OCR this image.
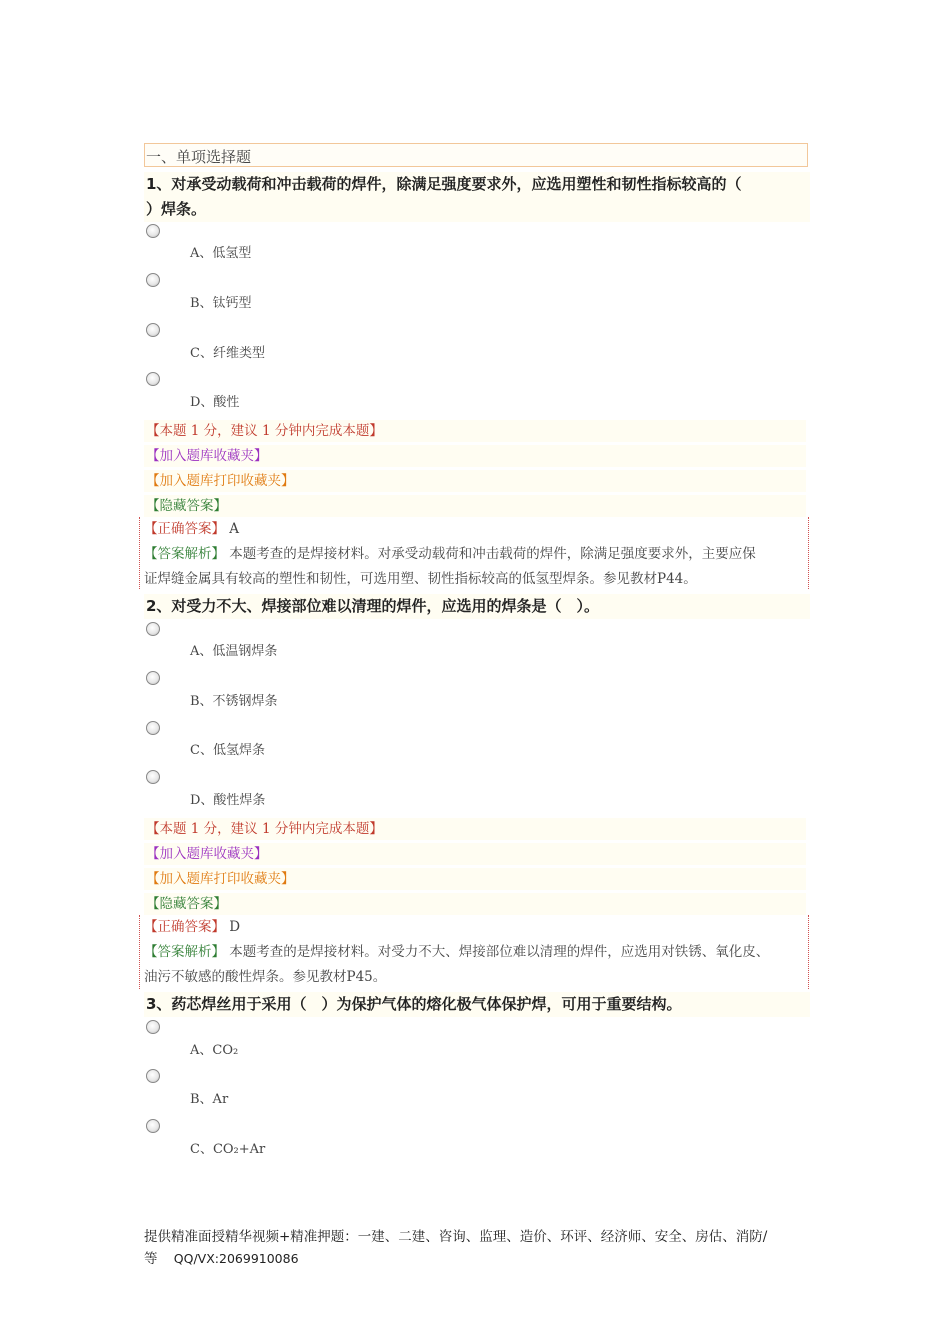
一、单项选择题
1、对承受动载荷和冲击载荷的焊件，除满足强度要求外，应选用塑性和韧性指标较高的（
）焊条。
A、低氢型
B、钛钙型
C、纤维类型
D、酸性
【本题 1 分，建议 1 分钟内完成本题】
【加入题库收藏夹】
【加入题库打印收藏夹】
【隐藏答案】
【正确答案】 A
【答案解析】 本题考查的是焊接材料。对承受动载荷和冲击载荷的焊件，除满足强度要求外，主要应保
证焊缝金属具有较高的塑性和韧性，可选用塑、韧性指标较高的低氢型焊条。参见教材P44。
2、对受力不大、焊接部位难以清理的焊件，应选用的焊条是（　）。
A、低温钢焊条
B、不锈钢焊条
C、低氢焊条
D、酸性焊条
【本题 1 分，建议 1 分钟内完成本题】
【加入题库收藏夹】
【加入题库打印收藏夹】
【隐藏答案】
【正确答案】 D
【答案解析】 本题考查的是焊接材料。对受力不大、焊接部位难以清理的焊件，应选用对铁锈、氧化皮、
油污不敏感的酸性焊条。参见教材P45。
3、药芯焊丝用于采用（　）为保护气体的熔化极气体保护焊，可用于重要结构。
A、CO₂
B、Ar
C、CO₂+Ar
提供精准面授精华视频+精准押题：一建、二建、咨询、监理、造价、环评、经济师、安全、房估、消防/
等 QQ/VX:2069910086
